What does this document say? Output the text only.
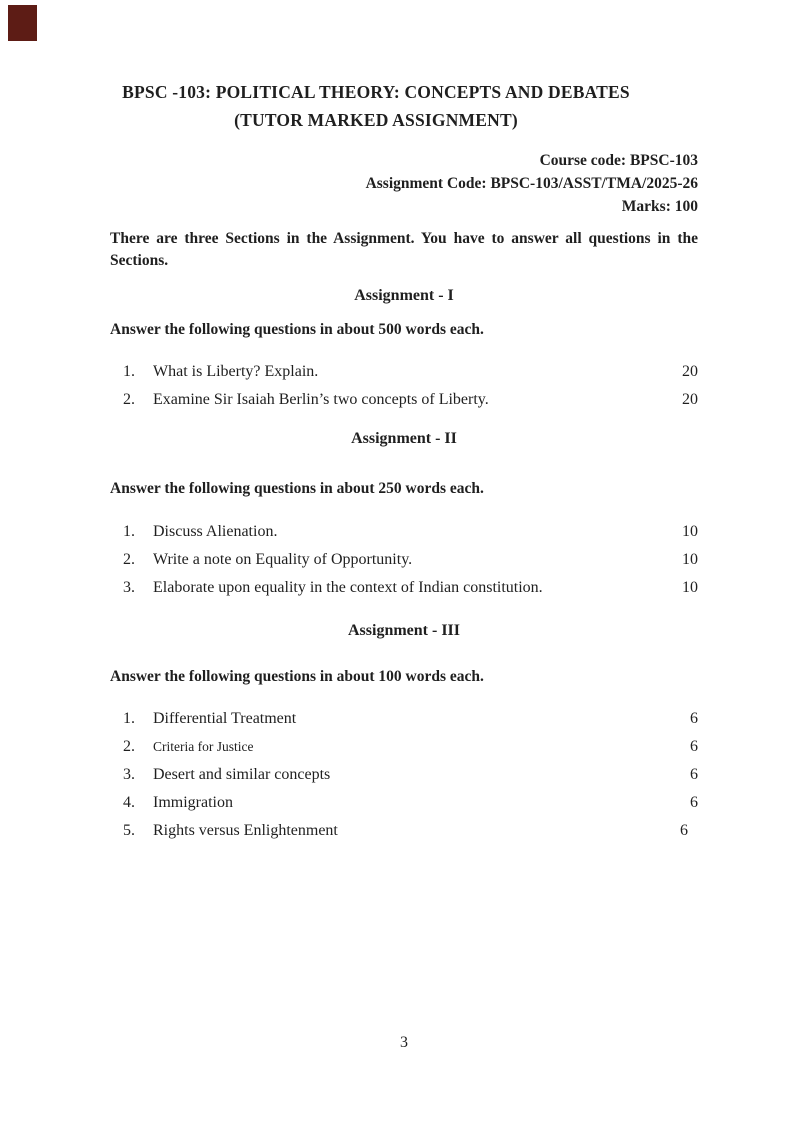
BPSC -103: POLITICAL THEORY: CONCEPTS AND DEBATES
(TUTOR MARKED ASSIGNMENT)
Course code: BPSC-103
Assignment Code: BPSC-103/ASST/TMA/2025-26
Marks: 100
There are three Sections in the Assignment. You have to answer all questions in the
Sections.
Assignment - I
Answer the following questions in about 500 words each.
1.	What is Liberty? Explain.	20
2.	Examine Sir Isaiah Berlin’s two concepts of Liberty.	20
Assignment - II
Answer the following questions in about 250 words each.
1.	Discuss Alienation.	10
2.	Write a note on Equality of Opportunity.	10
3.	Elaborate upon equality in the context of Indian constitution.	10
Assignment - III
Answer the following questions in about 100 words each.
1.	Differential Treatment	6
2.	Criteria for Justice	6
3.	Desert and similar concepts	6
4.	Immigration	6
5.	Rights versus Enlightenment	6
3
